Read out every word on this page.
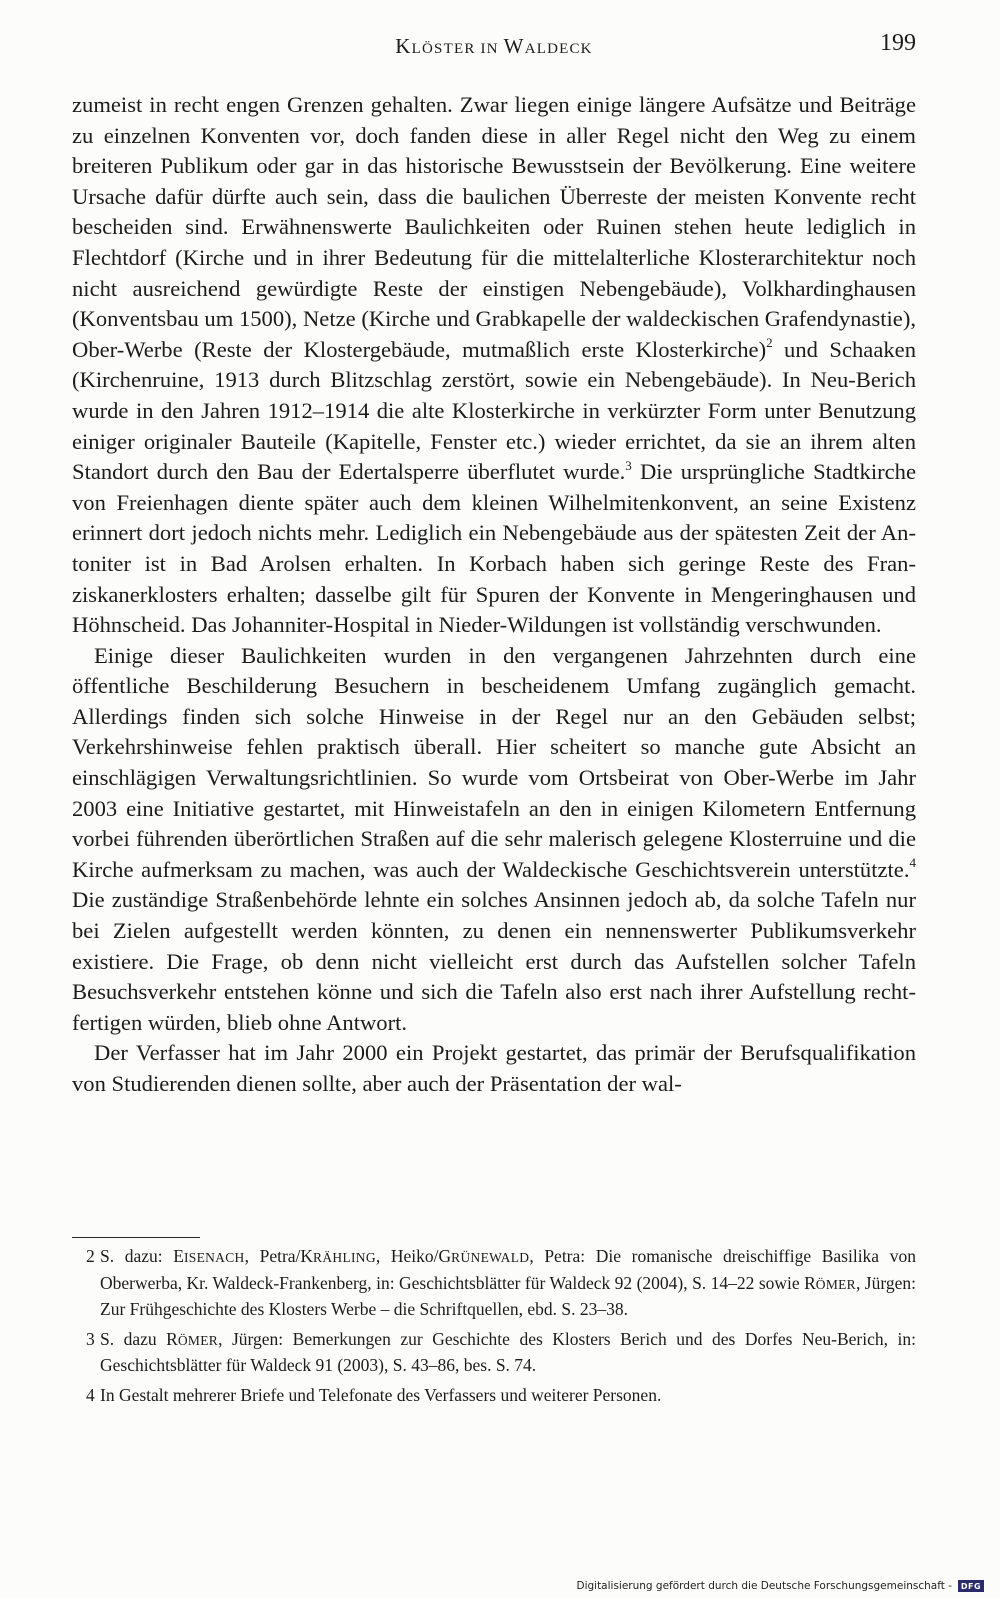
KLÖSTER IN WALDECK	199

zumeist in recht engen Grenzen gehalten. Zwar liegen einige längere Aufsätze und Beiträge zu einzelnen Konventen vor, doch fanden diese in aller Regel nicht den Weg zu einem breiteren Publikum oder gar in das historische Bewusstsein der Bevölkerung. Eine weitere Ursache dafür dürfte auch sein, dass die baulichen Überreste der meisten Konvente recht bescheiden sind. Erwähnenswerte Baulichkeiten oder Ruinen stehen heute lediglich in Flechtdorf (Kirche und in ihrer Bedeutung für die mittelalterliche Klosterarchitektur noch nicht ausreichend gewürdigte Reste der einstigen Nebengebäude), Volkhardinghausen (Konventsbau um 1500), Netze (Kirche und Grabkapelle der waldeckischen Grafendynastie), Ober-Werbe (Reste der Klostergebäude, mutmaßlich erste Klosterkirche)$^2$ und Schaaken (Kirchenruine, 1913 durch Blitzschlag zerstört, sowie ein Nebengebäude). In Neu-Berich wurde in den Jahren 1912–1914 die alte Klosterkirche in verkürzter Form unter Benutzung einiger originaler Bauteile (Kapitelle, Fenster etc.) wieder errichtet, da sie an ihrem alten Standort durch den Bau der Edertalsperre überflutet wurde.$^3$ Die ursprüngliche Stadtkirche von Freienhagen diente später auch dem kleinen Wilhelmitenkonvent, an seine Existenz erinnert dort jedoch nichts mehr. Lediglich ein Nebengebäude aus der spätesten Zeit der Antoniter ist in Bad Arolsen erhalten. In Korbach haben sich geringe Reste des Franziskanerklosters erhalten; dasselbe gilt für Spuren der Konvente in Mengeringhausen und Höhnscheid. Das Johanniter-Hospital in Nieder-Wildungen ist vollständig verschwunden.

Einige dieser Baulichkeiten wurden in den vergangenen Jahrzehnten durch eine öffentliche Beschilderung Besuchern in bescheidenem Umfang zugänglich gemacht. Allerdings finden sich solche Hinweise in der Regel nur an den Gebäuden selbst; Verkehrshinweise fehlen praktisch überall. Hier scheitert so manche gute Absicht an einschlägigen Verwaltungsrichtlinien. So wurde vom Ortsbeirat von Ober-Werbe im Jahr 2003 eine Initiative gestartet, mit Hinweistafeln an den in einigen Kilometern Entfernung vorbei führenden überörtlichen Straßen auf die sehr malerisch gelegene Klosterruine und die Kirche aufmerksam zu machen, was auch der Waldeckische Geschichtsverein unterstützte.$^4$ Die zuständige Straßenbehörde lehnte ein solches Ansinnen jedoch ab, da solche Tafeln nur bei Zielen aufgestellt werden könnten, zu denen ein nennenswerter Publikumsverkehr existiere. Die Frage, ob denn nicht vielleicht erst durch das Aufstellen solcher Tafeln Besuchsverkehr entstehen könne und sich die Tafeln also erst nach ihrer Aufstellung rechtfertigen würden, blieb ohne Antwort.

Der Verfasser hat im Jahr 2000 ein Projekt gestartet, das primär der Berufsqualifikation von Studierenden dienen sollte, aber auch der Präsentation der wal-

2 S. dazu: EISENACH, Petra/KRÄHLING, Heiko/GRÜNEWALD, Petra: Die romanische dreischiffige Basilika von Oberwerba, Kr. Waldeck-Frankenberg, in: Geschichtsblätter für Waldeck 92 (2004), S. 14–22 sowie RÖMER, Jürgen: Zur Frühgeschichte des Klosters Werbe – die Schriftquellen, ebd. S. 23–38.
3 S. dazu RÖMER, Jürgen: Bemerkungen zur Geschichte des Klosters Berich und des Dorfes Neu-Berich, in: Geschichtsblätter für Waldeck 91 (2003), S. 43–86, bes. S. 74.
4 In Gestalt mehrerer Briefe und Telefonate des Verfassers und weiterer Personen.
Digitalisierung gefördert durch die Deutsche Forschungsgemeinschaft -	DFG
